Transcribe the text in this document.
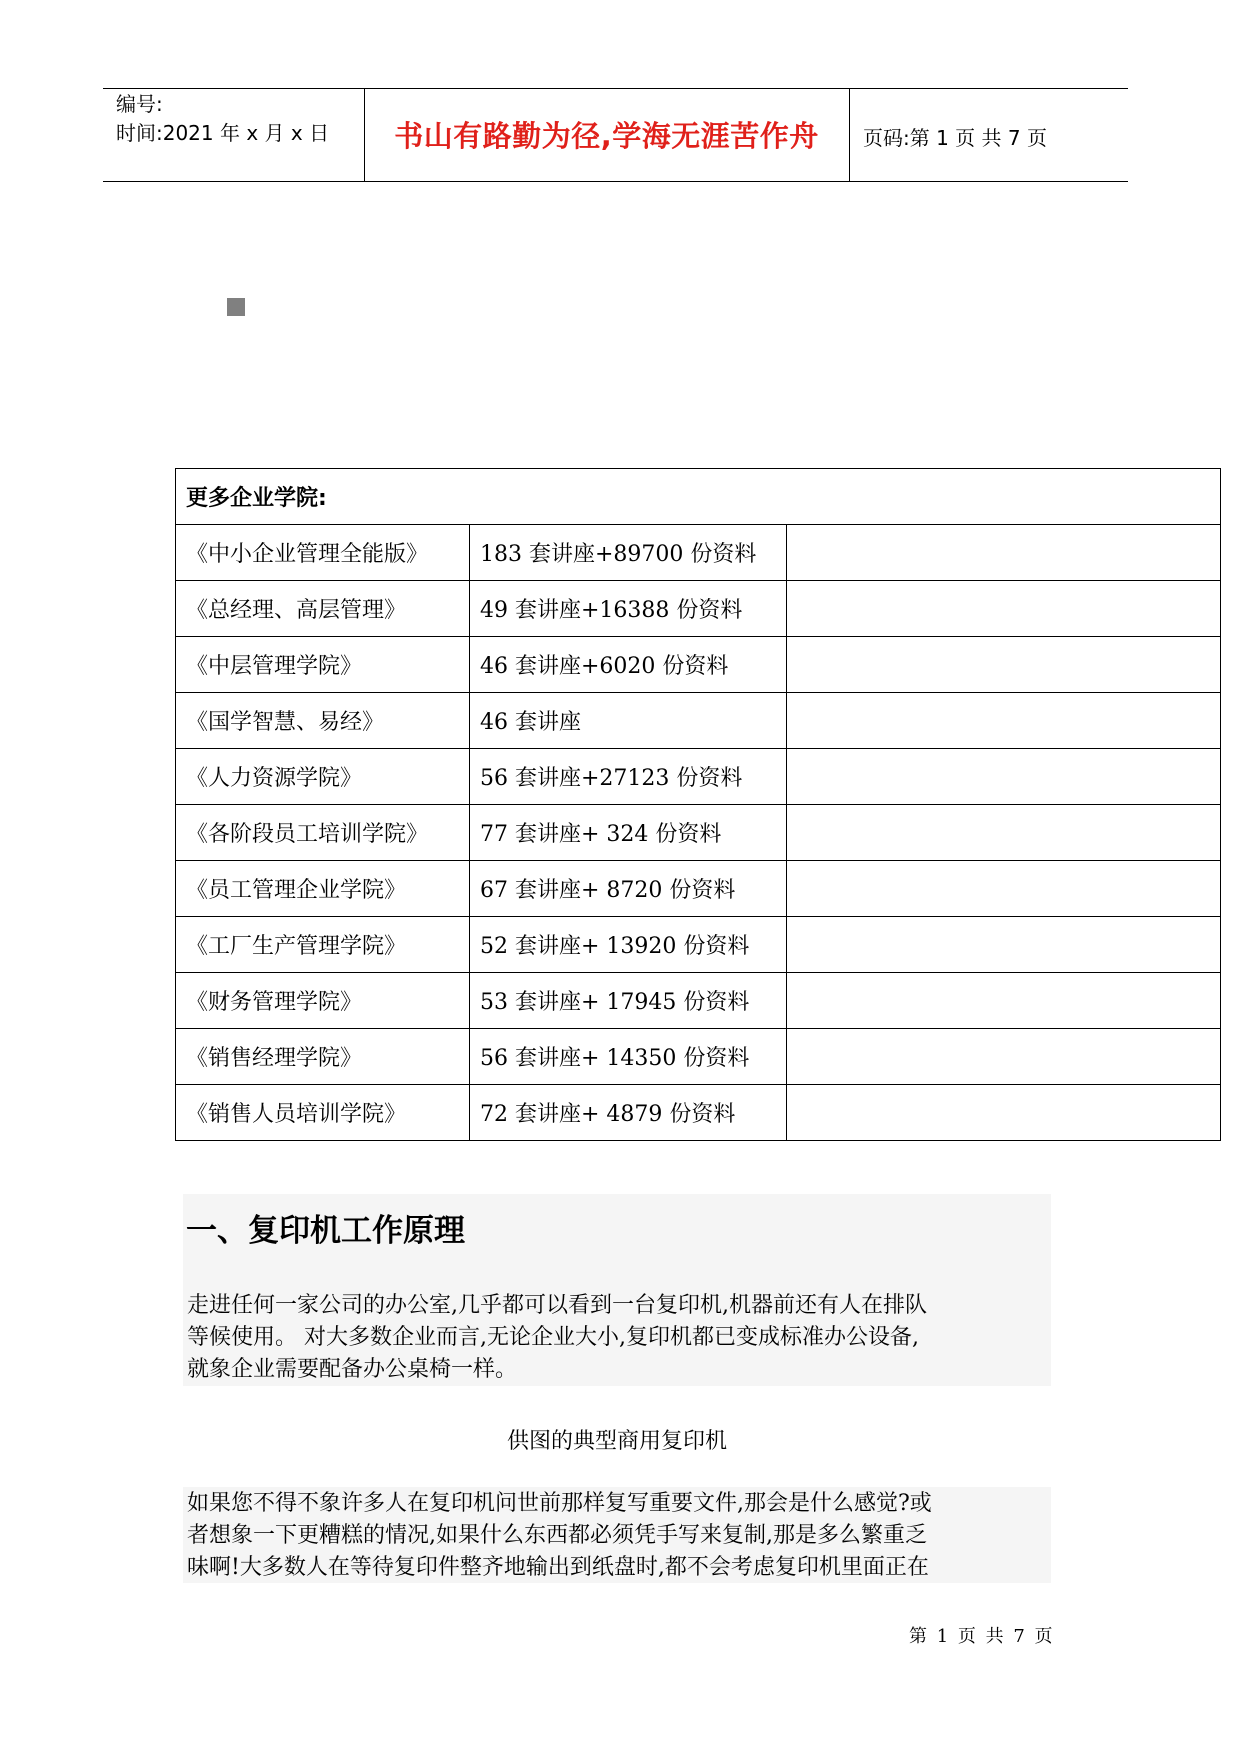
编号:
时间:2021 年 x 月 x 日	书山有路勤为径,学海无涯苦作舟	页码:第 1 页 共 7 页
更多企业学院:		
《中小企业管理全能版》	183 套讲座+89700 份资料	
《总经理、高层管理》	49 套讲座+16388 份资料	
《中层管理学院》	46 套讲座+6020 份资料	
《国学智慧、易经》	46 套讲座	
《人力资源学院》	56 套讲座+27123 份资料	
《各阶段员工培训学院》	77 套讲座+ 324 份资料	
《员工管理企业学院》	67 套讲座+ 8720 份资料	
《工厂生产管理学院》	52 套讲座+ 13920 份资料	
《财务管理学院》	53 套讲座+ 17945 份资料	
《销售经理学院》	56 套讲座+ 14350 份资料	
《销售人员培训学院》	72 套讲座+ 4879 份资料	
一、复印机工作原理
走进任何一家公司的办公室,几乎都可以看到一台复印机,机器前还有人在排队
等候使用。 对大多数企业而言,无论企业大小,复印机都已变成标准办公设备,
就象企业需要配备办公桌椅一样。
供图的典型商用复印机
如果您不得不象许多人在复印机问世前那样复写重要文件,那会是什么感觉?或
者想象一下更糟糕的情况,如果什么东西都必须凭手写来复制,那是多么繁重乏
味啊!大多数人在等待复印件整齐地输出到纸盘时,都不会考虑复印机里面正在
第 1 页 共 7 页
